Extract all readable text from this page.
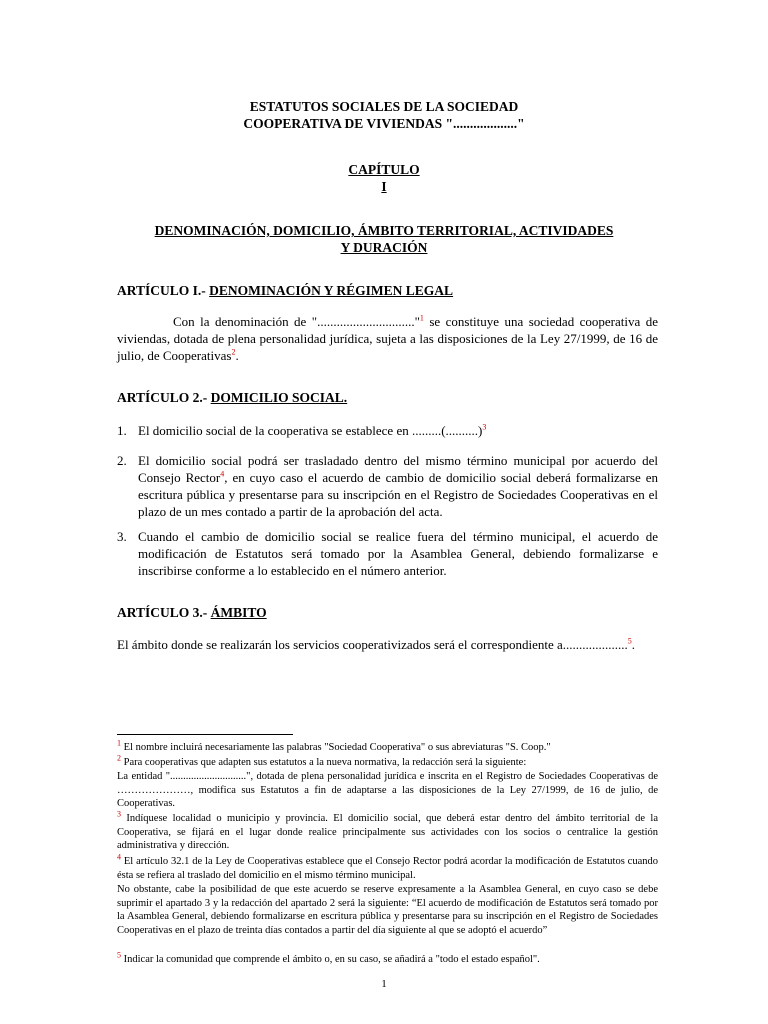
ESTATUTOS SOCIALES DE LA SOCIEDAD
COOPERATIVA DE VIVIENDAS "..................."
CAPÍTULO
I
DENOMINACIÓN, DOMICILIO, ÁMBITO TERRITORIAL, ACTIVIDADES
Y DURACIÓN
ARTÍCULO I.- DENOMINACIÓN Y RÉGIMEN LEGAL
Con la denominación de ".............................."$^1$ se constituye una sociedad cooperativa de viviendas, dotada de plena personalidad jurídica, sujeta a las disposiciones de la Ley 27/1999, de 16 de julio, de Cooperativas$^2$.
ARTÍCULO 2.- DOMICILIO SOCIAL.
1. El domicilio social de la cooperativa se establece en .........(..........)$^3$
2. El domicilio social podrá ser trasladado dentro del mismo término municipal por acuerdo del Consejo Rector$^4$, en cuyo caso el acuerdo de cambio de domicilio social deberá formalizarse en escritura pública y presentarse para su inscripción en el Registro de Sociedades Cooperativas en el plazo de un mes contado a partir de la aprobación del acta.
3. Cuando el cambio de domicilio social se realice fuera del término municipal, el acuerdo de modificación de Estatutos será tomado por la Asamblea General, debiendo formalizarse e inscribirse conforme a lo establecido en el número anterior.
ARTÍCULO 3.- ÁMBITO
El ámbito donde se realizarán los servicios cooperativizados será el correspondiente a....................$^5$.
$^1$ El nombre incluirá necesariamente las palabras "Sociedad Cooperativa" o sus abreviaturas "S. Coop."
$^2$ Para cooperativas que adapten sus estatutos a la nueva normativa, la redacción será la siguiente:
La entidad ".............................", dotada de plena personalidad jurídica e inscrita en el Registro de Sociedades Cooperativas de …………………, modifica sus Estatutos a fin de adaptarse a las disposiciones de la Ley 27/1999, de 16 de julio, de Cooperativas.
$^3$ Indíquese localidad o municipio y provincia. El domicilio social, que deberá estar dentro del ámbito territorial de la Cooperativa, se fijará en el lugar donde realice principalmente sus actividades con los socios o centralice la gestión administrativa y dirección.
$^4$ El artículo 32.1 de la Ley de Cooperativas establece que el Consejo Rector podrá acordar la modificación de Estatutos cuando ésta se refiera al traslado del domicilio en el mismo término municipal.
No obstante, cabe la posibilidad de que este acuerdo se reserve expresamente a la Asamblea General, en cuyo caso se debe suprimir el apartado 3 y la redacción del apartado 2 será la siguiente: “El acuerdo de modificación de Estatutos será tomado por la Asamblea General, debiendo formalizarse en escritura pública y presentarse para su inscripción en el Registro de Sociedades Cooperativas en el plazo de treinta días contados a partir del día siguiente al que se adoptó el acuerdo”
$^5$ Indicar la comunidad que comprende el ámbito o, en su caso, se añadirá a "todo el estado español".
1
